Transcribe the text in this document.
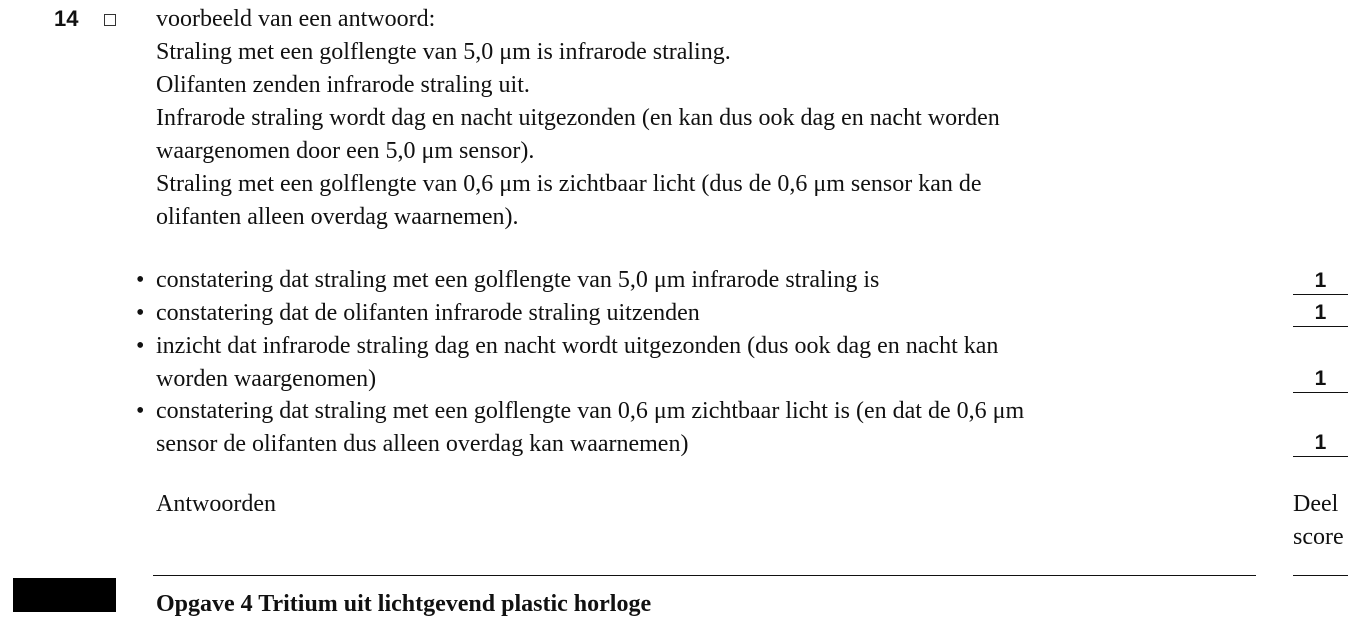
14	voorbeeld van een antwoord:
Straling met een golflengte van 5,0 μm is infrarode straling.
Olifanten zenden infrarode straling uit.
Infrarode straling wordt dag en nacht uitgezonden (en kan dus ook dag en nacht worden
waargenomen door een 5,0 μm sensor).
Straling met een golflengte van 0,6 μm is zichtbaar licht (dus de 0,6 μm sensor kan de
olifanten alleen overdag waarnemen).
• constatering dat straling met een golflengte van 5,0 μm infrarode straling is	1
• constatering dat de olifanten infrarode straling uitzenden	1
• inzicht dat infrarode straling dag en nacht wordt uitgezonden (dus ook dag en nacht kan
worden waargenomen)	1
• constatering dat straling met een golflengte van 0,6 μm zichtbaar licht is (en dat de 0,6 μm
sensor de olifanten dus alleen overdag kan waarnemen)	1
Antwoorden	Deel
score
Opgave 4 Tritium uit lichtgevend plastic horloge
